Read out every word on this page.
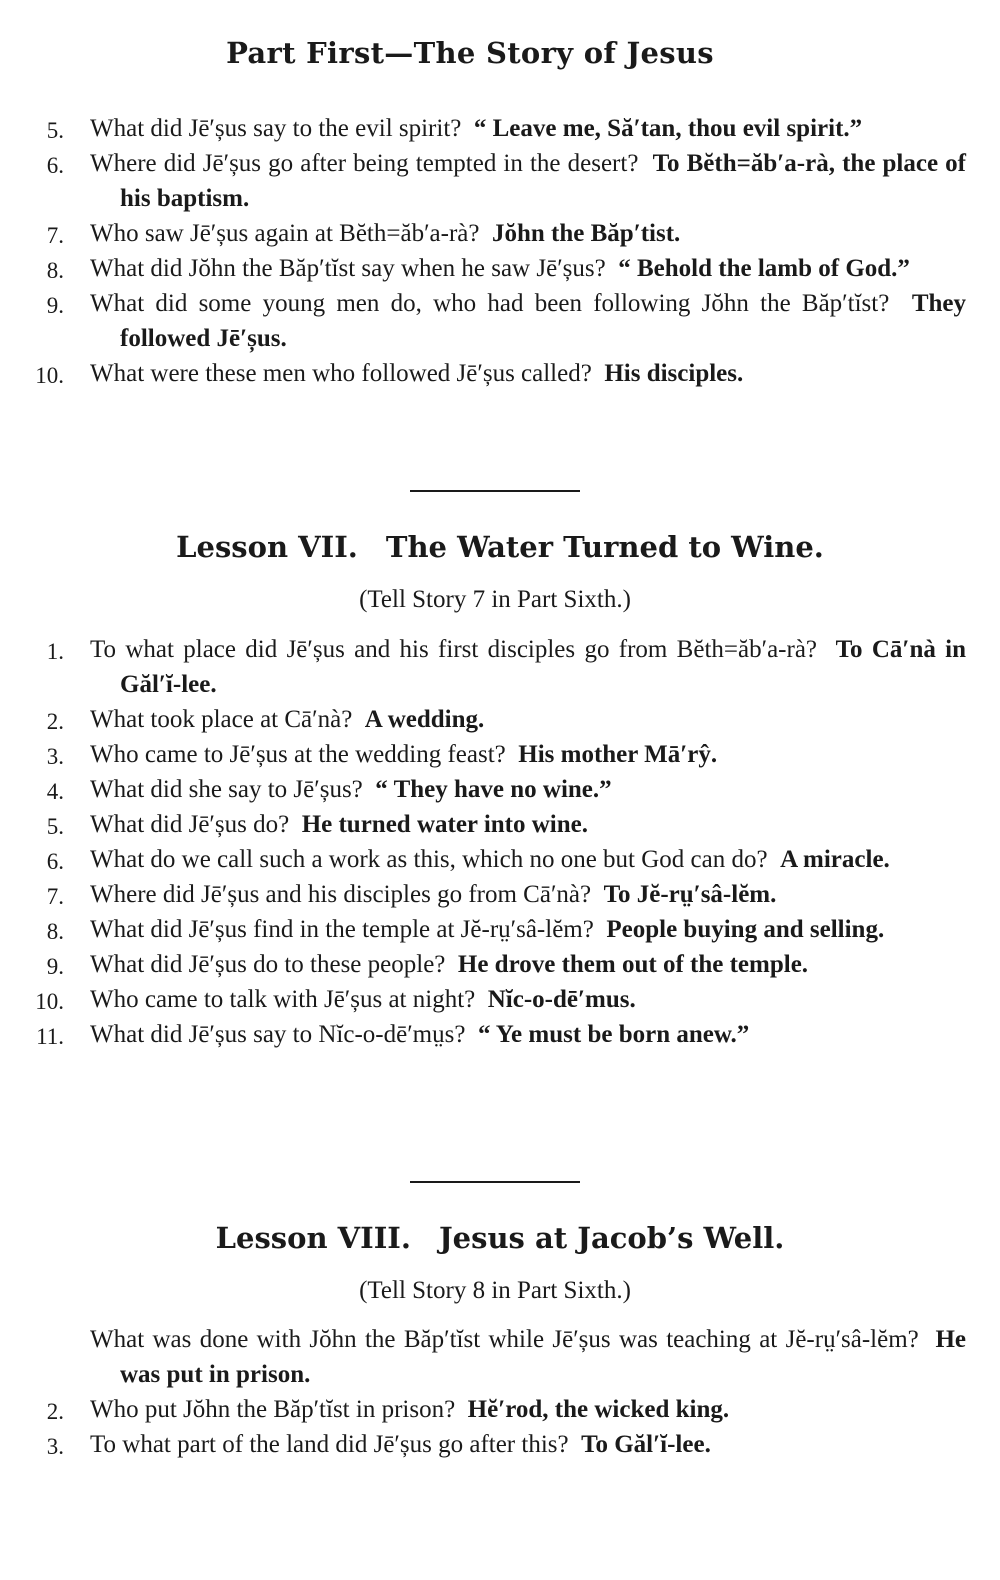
Part First—The Story of Jesus

5. What did Jē′șus say to the evil spirit? “ Leave me, Să′tan, thou evil spirit.”

6. Where did Jē′șus go after being tempted in the desert? To Bĕth=ăb′a-rà, the place of his baptism.

7. Who saw Jē′șus again at Bĕth=ăb′a-rà? Jŏhn the Băp′tist.

8. What did Jŏhn the Băp′tĭst say when he saw Jē′șus? “ Behold the lamb of God.”

9. What did some young men do, who had been following Jŏhn the Băp′tĭst? They followed Jē′șus.

10. What were these men who followed Jē′șus called? His disciples.

Lesson VII. The Water Turned to Wine.
(Tell Story 7 in Part Sixth.)

1. To what place did Jē′șus and his first disciples go from Bĕth=ăb′a-rà? To Cā′nà in Găl′ĭ-lee.

2. What took place at Cā′nà? A wedding.

3. Who came to Jē′șus at the wedding feast? His mother Mā′rŷ.

4. What did she say to Jē′șus? “ They have no wine.”

5. What did Jē′șus do? He turned water into wine.

6. What do we call such a work as this, which no one but God can do? A miracle.

7. Where did Jē′șus and his disciples go from Cā′nà? To Jĕ-rṳ′sâ-lĕm.

8. What did Jē′șus find in the temple at Jĕ-rṳ′sâ-lĕm? People buying and selling.

9. What did Jē′șus do to these people? He drove them out of the temple.

10. Who came to talk with Jē′șus at night? Nĭc-o-dē′mus.

11. What did Jē′șus say to Nĭc-o-dē′mṳs? “ Ye must be born anew.”

Lesson VIII. Jesus at Jacob’s Well.
(Tell Story 8 in Part Sixth.)

What was done with Jŏhn the Băp′tĭst while Jē′șus was teaching at Jĕ-rṳ′sâ-lĕm? He was put in prison.

2. Who put Jŏhn the Băp′tĭst in prison? Hĕ′rod, the wicked king.

3. To what part of the land did Jē′șus go after this? To Găl′ĭ-lee.
